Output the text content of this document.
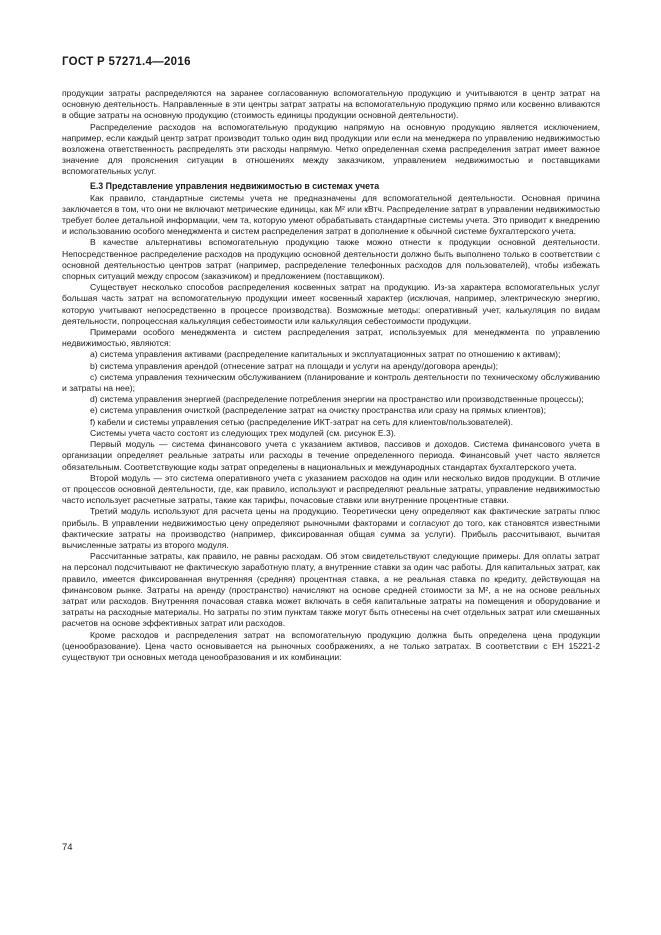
ГОСТ Р 57271.4—2016

продукции затраты распределяются на заранее согласованную вспомогательную продукцию и учитываются в центр затрат на основную деятельность. Направленные в эти центры затрат затраты на вспомогательную продукцию прямо или косвенно вливаются в общие затраты на основную продукцию (стоимость единицы продукции основной деятельности).

Распределение расходов на вспомогательную продукцию напрямую на основную продукцию является исключением, например, если каждый центр затрат производит только один вид продукции или если на менеджера по управлению недвижимостью возложена ответственность распределять эти расходы напрямую. Четко определенная схема распределения затрат имеет важное значение для прояснения ситуации в отношениях между заказчиком, управлением недвижимостью и поставщиками вспомогательных услуг.

Е.3 Представление управления недвижимостью в системах учета

Как правило, стандартные системы учета не предназначены для вспомогательной деятельности. Основная причина заключается в том, что они не включают метрические единицы, как М² или кВтч. Распределение затрат в управлении недвижимостью требует более детальной информации, чем та, которую умеют обрабатывать стандартные системы учета. Это приводит к внедрению и использованию особого менеджмента и систем распределения затрат в дополнение к обычной системе бухгалтерского учета.

В качестве альтернативы вспомогательную продукцию также можно отнести к продукции основной деятельности. Непосредственное распределение расходов на продукцию основной деятельности должно быть выполнено только в соответствии с основной деятельностью центров затрат (например, распределение телефонных расходов для пользователей), чтобы избежать спорных ситуаций между спросом (заказчиком) и предложением (поставщиком).

Существует несколько способов распределения косвенных затрат на продукцию. Из-за характера вспомогательных услуг большая часть затрат на вспомогательную продукции имеет косвенный характер (исключая, например, электрическую энергию, которую учитывают непосредственно в процессе производства). Возможные методы: оперативный учет, калькуляция по видам деятельности, попроцессная калькуляция себестоимости или калькуляция себестоимости продукции.

Примерами особого менеджмента и систем распределения затрат, используемых для менеджмента по управлению недвижимостью, являются:

а) система управления активами (распределение капитальных и эксплуатационных затрат по отношению к активам);

b) система управления арендой (отнесение затрат на площади и услуги на аренду/договора аренды);

с) система управления техническим обслуживанием (планирование и контроль деятельности по техническому обслуживанию и затраты на нее);

d) система управления энергией (распределение потребления энергии на пространство или производственные процессы);

е) система управления очисткой (распределение затрат на очистку пространства или сразу на прямых клиентов);

f) кабели и системы управления сетью (распределение ИКТ-затрат на сеть для клиентов/пользователей).

Системы учета часто состоят из следующих трех модулей (см. рисунок Е.3).

Первый модуль — система финансового учета с указанием активов, пассивов и доходов. Система финансового учета в организации определяет реальные затраты или расходы в течение определенного периода. Финансовый учет часто является обязательным. Соответствующие коды затрат определены в национальных и международных стандартах бухгалтерского учета.

Второй модуль — это система оперативного учета с указанием расходов на один или несколько видов продукции. В отличие от процессов основной деятельности, где, как правило, используют и распределяют реальные затраты, управление недвижимостью часто использует расчетные затраты, такие как тарифы, почасовые ставки или внутренние процентные ставки.

Третий модуль используют для расчета цены на продукцию. Теоретически цену определяют как фактические затраты плюс прибыль. В управлении недвижимостью цену определяют рыночными факторами и согласуют до того, как становятся известными фактические затраты на производство (например, фиксированная общая сумма за услуги). Прибыль рассчитывают, вычитая вычисленные затраты из второго модуля.

Рассчитанные затраты, как правило, не равны расходам. Об этом свидетельствуют следующие примеры. Для оплаты затрат на персонал подсчитывают не фактическую заработную плату, а внутренние ставки за один час работы. Для капитальных затрат, как правило, имеется фиксированная внутренняя (средняя) процентная ставка, а не реальная ставка по кредиту, действующая на финансовом рынке. Затраты на аренду (пространство) начисляют на основе средней стоимости за М², а не на основе реальных затрат или расходов. Внутренняя почасовая ставка может включать в себя капитальные затраты на помещения и оборудование и затраты на расходные материалы. Но затраты по этим пунктам также могут быть отнесены на счет отдельных затрат или смешанных расчетов на основе эффективных затрат или расходов.

Кроме расходов и распределения затрат на вспомогательную продукцию должна быть определена цена продукции (ценообразование). Цена часто основывается на рыночных соображениях, а не только затратах. В соответствии с ЕН 15221-2 существуют три основных метода ценообразования и их комбинации:

74
